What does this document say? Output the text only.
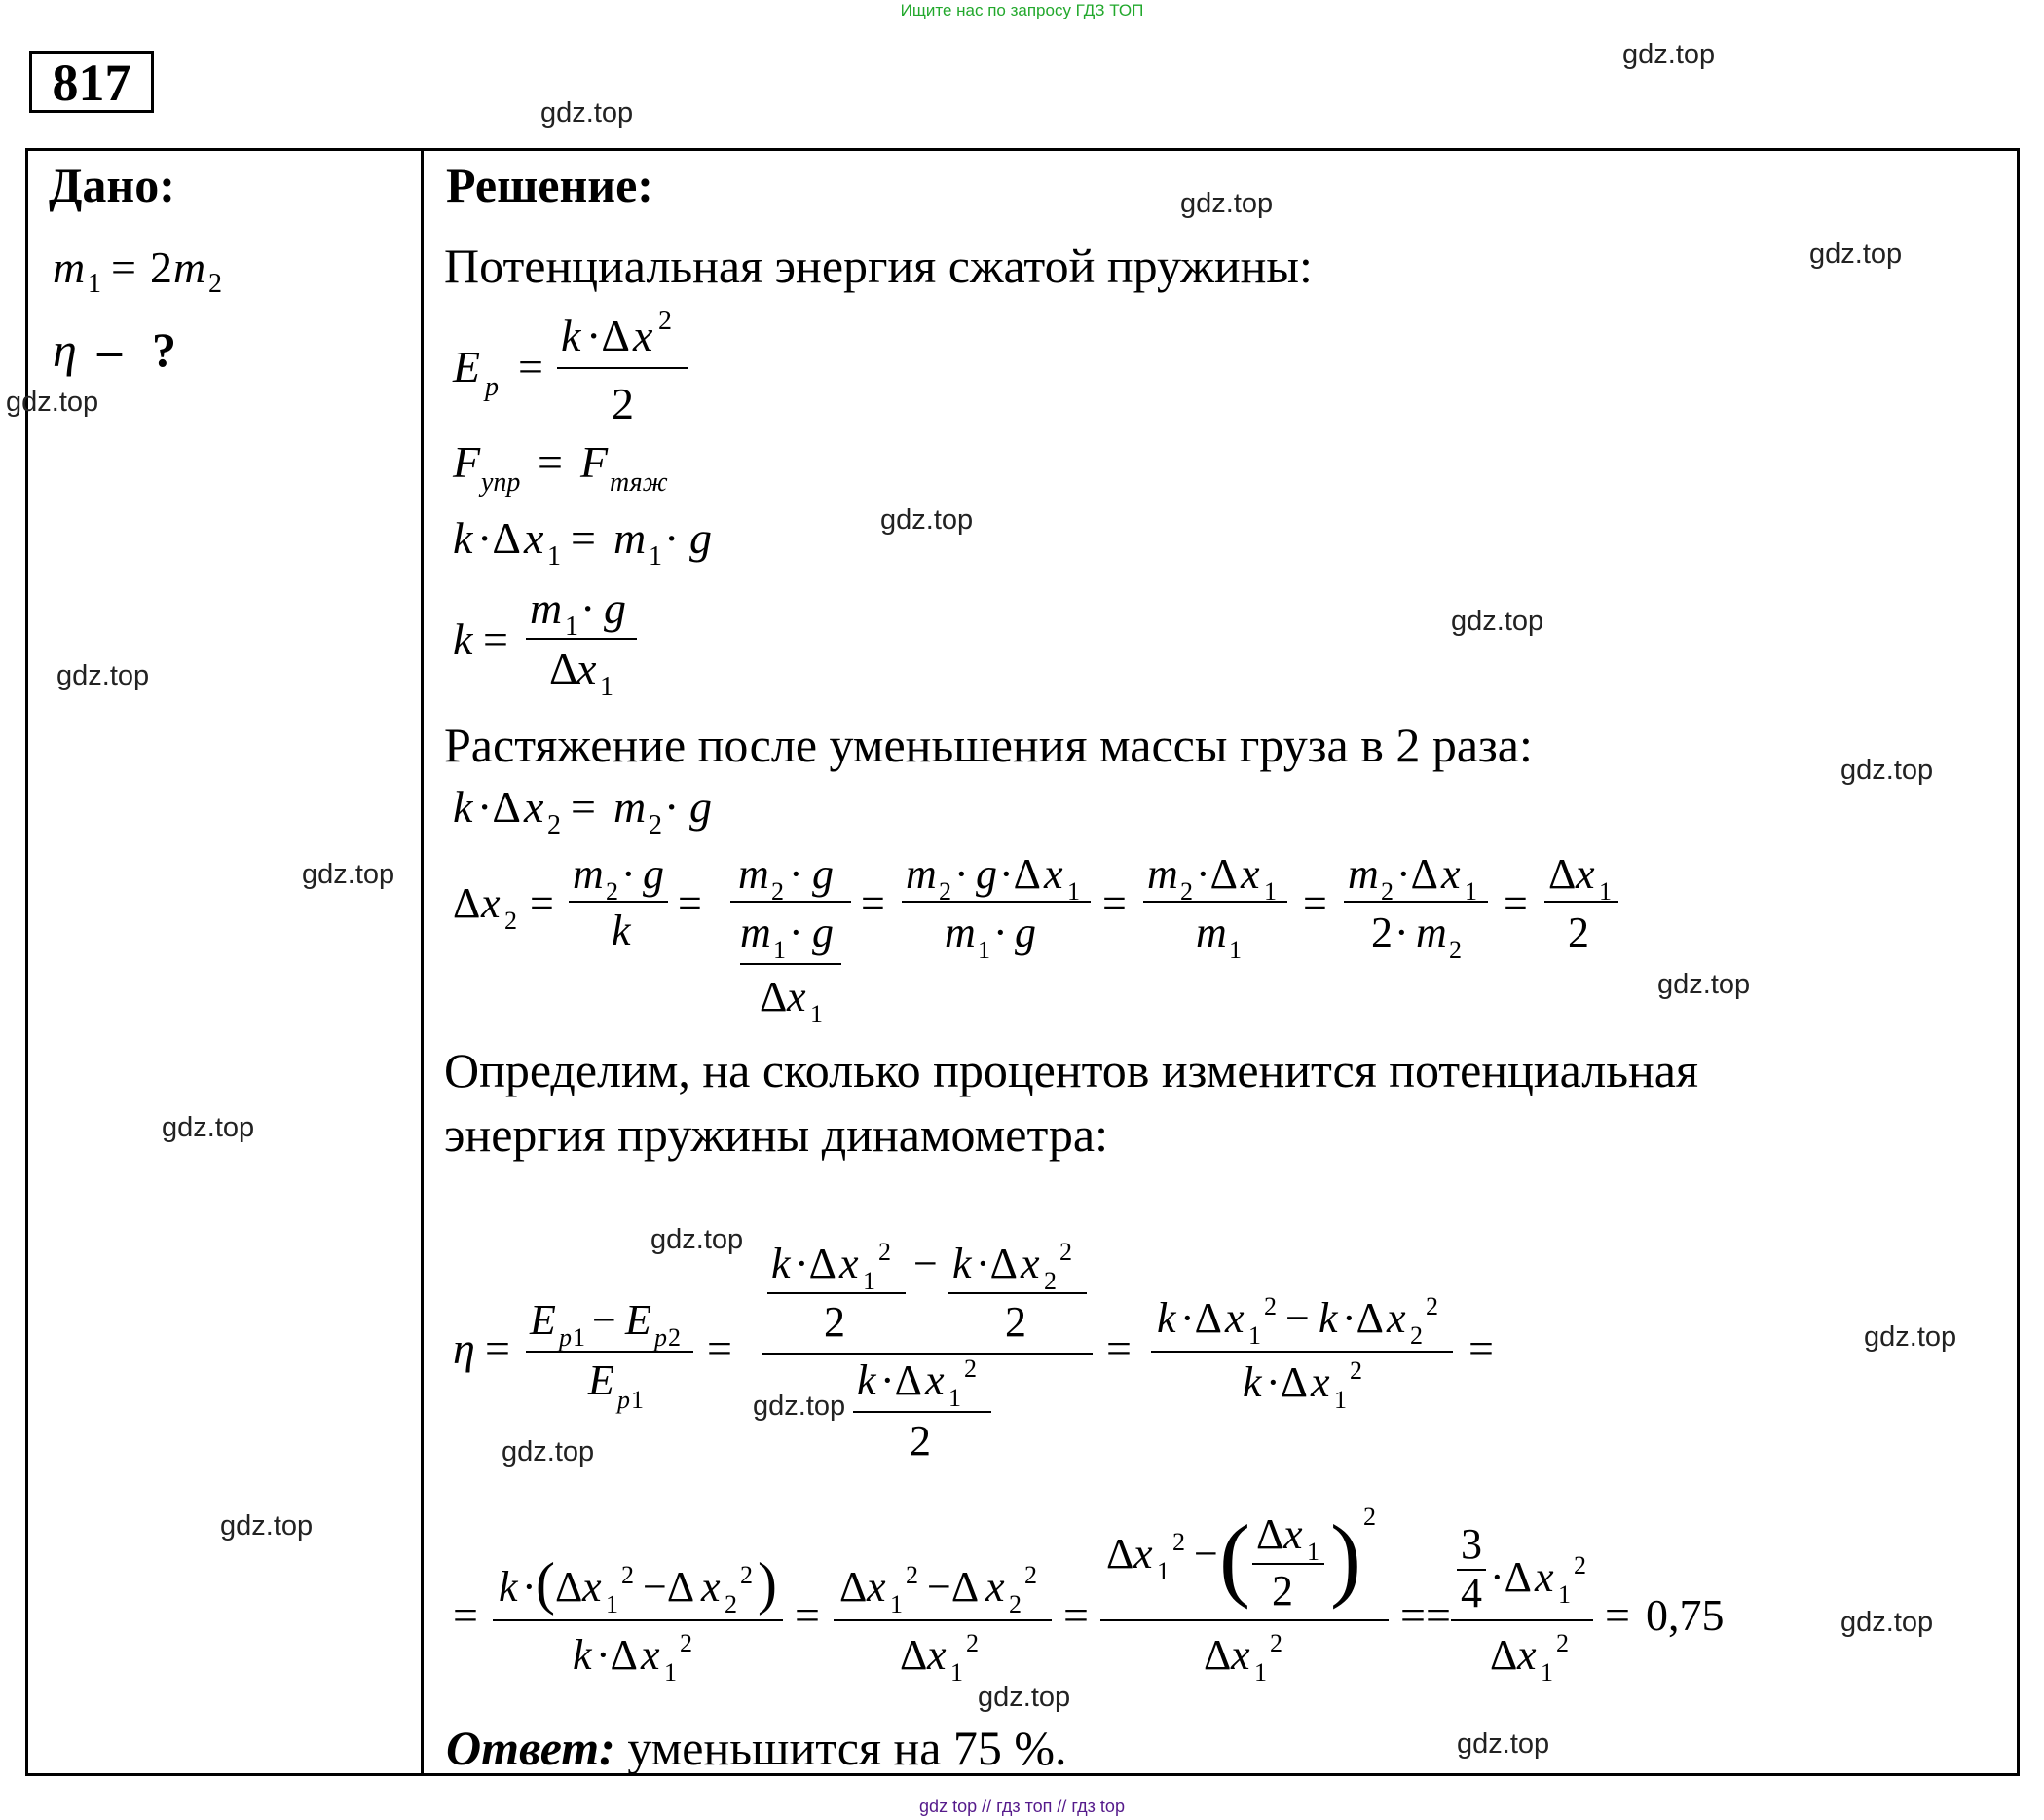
Ищите нас по запросу ГДЗ ТОП
817
Дано:
m 1 = 2 m 2
η – ?
Решение:
Потенциальная энергия сжатой пружины:
E p =
k ·Δ x 2
2
F упр = F тяж
k ·Δ x 1 = m 1 · g
k =
m 1 · g
Δ
x 1
Растяжение после уменьшения массы груза в 2 раза:
k ·Δ x 2 = m 2 · g
Δ x 2 =
m 2 · g
k
=
m 2 · g
m 1 · g
Δ x 1
=
m 2 · g ·Δ x 1
m 1 · g
=
m 2 ·Δ x 1
m 1
=
m 2 ·Δ x 1
2 · m 2
=
Δ x 1
2
Определим, на сколько процентов изменится потенциальная
энергия пружины динамометра:
η =
E p 1 − E p 2
E p 1
=
k ·Δ x 1
2
2
− k ·Δ x 2
2
2
k ·Δ x 1
2
2
=
k ·Δ x 1
2 − k ·Δ x 2
2
k ·Δ x 1
2 =
=
k · ( Δ x 1
2 −Δ x 2
2 )
k ·Δ x 1
2
=
Δ x 1
2 −Δ x 2
2
Δ x 1
2
=
Δ x 1
2 − ( Δ x 1
2 ) 2
Δ x 1
2
==
3
4 ·Δ x 1
2
Δ x 1
2
= 0,75
Ответ: уменьшится на 75 %.
gdz.top
gdz.top
gdz.top
gdz.top
gdz.top
gdz.top
gdz.top
gdz.top
gdz.top
gdz.top
gdz.top
gdz.top
gdz.top
gdz.top
gdz.top
gdz.top
gdz.top
gdz.top
gdz.top
gdz.top
gdz top // гдз топ // гдз top
